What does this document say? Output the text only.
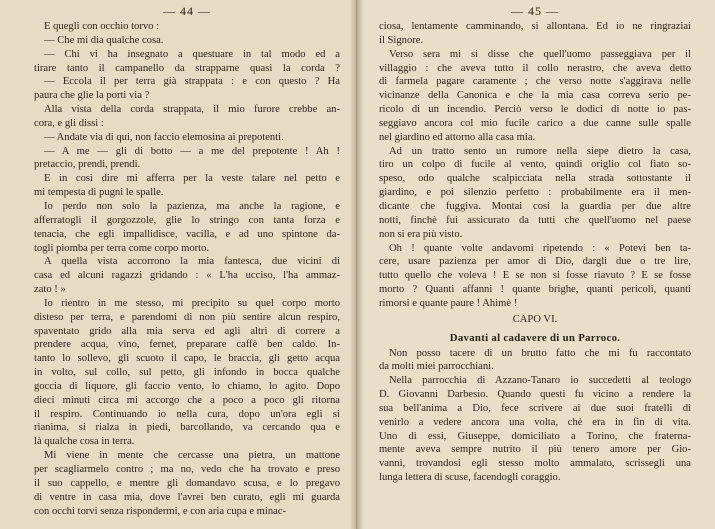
— 44 —
E quegli con occhio torvo :
— Che mi dia qualche cosa.
— Chi vi ha insegnato a questuare in tal modo ed a
tirare tanto il campanello da strapparne quasi la corda ?
— Eccola il per terra già strappata : e con questo ? Ha
paura che glie la porti via ?
Alla vista della corda strappata, il mio furore crebbe an-
cora, e gli dissi :
— Andate via di qui, non faccio elemosina ai prepotenti.
— A me — gli di botto — a me del prepotente ! Ah !
pretaccio, prendi, prendi.
E in così dire mi afferra per la veste talare nel petto e
mi tempesta di pugni le spalle.
Io perdo non solo la pazienza, ma anche la ragione, e
afferratogli il gorgozzole, glie lo stringo con tanta forza e
tenacia, che egli impallidisce, vacilla, e ad uno spintone da-
togli piomba per terra come corpo morto.
A quella vista accorrono la mia fantesca, due vicini di
casa ed alcuni ragazzi gridando : « L'ha ucciso, l'ha ammaz-
zato ! »
Io rientro in me stesso, mi precipito su quel corpo morto
disteso per terra, e parendomi di non più sentire alcun respiro,
spaventato grido alla mia serva ed agli altri di correre a
prendere acqua, vino, fernet, preparare caffè ben caldo. In-
tanto lo sollevo, gli scuoto il capo, le braccia, gli getto acqua
in volto, sul collo, sul petto, gli infondo in bocca qualche
goccia di liquore, gli faccio vento, lo chiamo, lo agito. Dopo
dieci minuti circa mi accorgo che a poco a poco gli ritorna
il respiro. Continuando io nella cura, dopo un'ora egli si
rianima, si rialza in piedi, barcollando, va cercando qua e
là qualche cosa in terra.
Mi viene in mente che cercasse una pietra, un mattone
per scagliarmelo contro ; ma no, vedo che ha trovato e preso
il suo cappello, e mentre gli domandavo scusa, e lo pregavo
di ventre in casa mia, dove l'avrei ben curato, egli mi guarda
con occhi torvi senza rispondermi, e con aria cupa e minac-
— 45 —
ciosa, lentamente camminando, si allontana. Ed io ne ringraziai
il Signore.
Verso sera mi si disse che quell'uomo passeggiava per il
villaggio : che aveva tutto il collo nerastro, che aveva detto
di farmela pagare caramente ; che verso notte s'aggirava nelle
vicinanze della Canonica e che la mia casa correva serio pe-
ricolo di un incendio. Perciò verso le dodici di notte io pas-
seggiavo ancora col mio fucile carico a due canne sulle spalle
nel giardino ed attorno alla casa mia.
Ad un tratto sento un rumore nella siepe dietro la casa,
tiro un colpo di fucile al vento, quindi origlio col fiato so-
speso, odo qualche scalpiccìata nella strada sottostante il
giardino, e poi silenzio perfetto : probabilmente era il men-
dicante che fuggiva. Montai così la guardia per due altre
notti, finchè fui assicurato da tutti che quell'uomo nel paese
non si era più visto.
Oh ! quante volte andavomi ripetendo : « Potevi ben ta-
cere, usare pazienza per amor di Dio, dargli due o tre lire,
tutto quello che voleva ! E se non si fosse riavuto ? E se fosse
morto ? Quanti affanni ! quante brighe, quanti pericoli, quanti
rimorsi e quante paure ! Ahimè !
CAPO VI.
Davanti al cadavere di un Parroco.
Non posso tacere di un brutto fatto che mi fu raccontato
da molti miei parrocchiani.
Nella parrocchia di Azzano-Tanaro io succedetti al teologo
D. Giovanni Darbesio. Quando questi fu vicino a rendere la
sua bell'anima a Dio, fece scrivere ai due suoi fratelli di
venirlo a vedere ancora una volta, chè era in fin di vita.
Uno di essi, Giuseppe, domiciliato a Torino, che fraterna-
mente aveva sempre nutrito il più tenero amore per Gio-
vanni, trovandosi egli stesso molto ammalato, scrissegli una
lunga lettera di scuse, facendogli coraggio.
